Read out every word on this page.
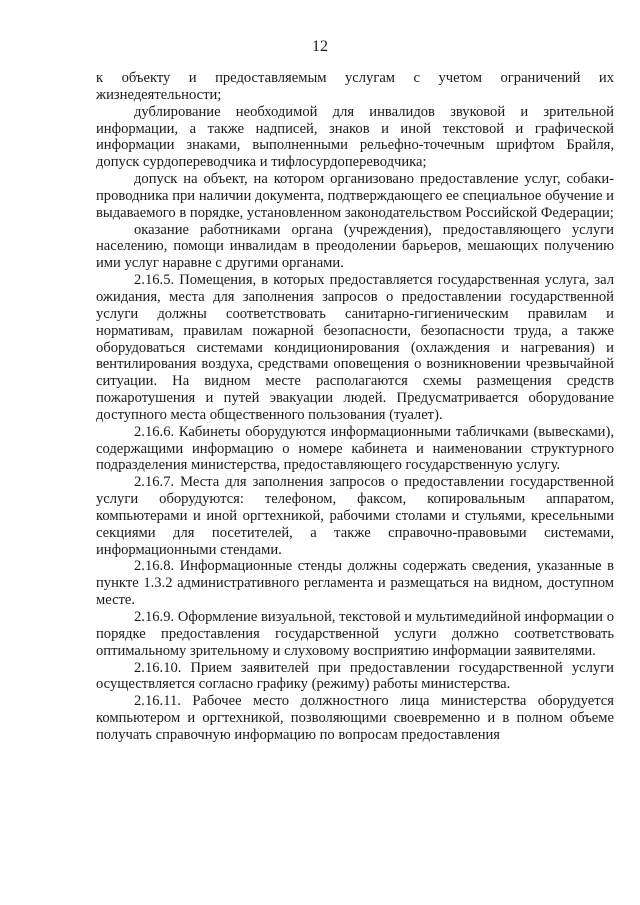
12

к объекту и предоставляемым услугам с учетом ограничений их жизнедеятельности;

дублирование необходимой для инвалидов звуковой и зрительной информации, а также надписей, знаков и иной текстовой и графической информации знаками, выполненными рельефно-точечным шрифтом Брайля, допуск сурдопереводчика и тифлосурдопереводчика;

допуск на объект, на котором организовано предоставление услуг, собаки-проводника при наличии документа, подтверждающего ее специальное обучение и выдаваемого в порядке, установленном законодательством Российской Федерации;

оказание работниками органа (учреждения), предоставляющего услуги населению, помощи инвалидам в преодолении барьеров, мешающих получению ими услуг наравне с другими органами.

2.16.5. Помещения, в которых предоставляется государственная услуга, зал ожидания, места для заполнения запросов о предоставлении государственной услуги должны соответствовать санитарно-гигиеническим правилам и нормативам, правилам пожарной безопасности, безопасности труда, а также оборудоваться системами кондиционирования (охлаждения и нагревания) и вентилирования воздуха, средствами оповещения о возникновении чрезвычайной ситуации. На видном месте располагаются схемы размещения средств пожаротушения и путей эвакуации людей. Предусматривается оборудование доступного места общественного пользования (туалет).

2.16.6. Кабинеты оборудуются информационными табличками (вывесками), содержащими информацию о номере кабинета и наименовании структурного подразделения министерства, предоставляющего государственную услугу.

2.16.7. Места для заполнения запросов о предоставлении государственной услуги оборудуются: телефоном, факсом, копировальным аппаратом, компьютерами и иной оргтехникой, рабочими столами и стульями, кресельными секциями для посетителей, а также справочно-правовыми системами, информационными стендами.

2.16.8. Информационные стенды должны содержать сведения, указанные в пункте 1.3.2 административного регламента и размещаться на видном, доступном месте.

2.16.9. Оформление визуальной, текстовой и мультимедийной информации о порядке предоставления государственной услуги должно соответствовать оптимальному зрительному и слуховому восприятию информации заявителями.

2.16.10. Прием заявителей при предоставлении государственной услуги осуществляется согласно графику (режиму) работы министерства.

2.16.11. Рабочее место должностного лица министерства оборудуется компьютером и оргтехникой, позволяющими своевременно и в полном объеме получать справочную информацию по вопросам предоставления
